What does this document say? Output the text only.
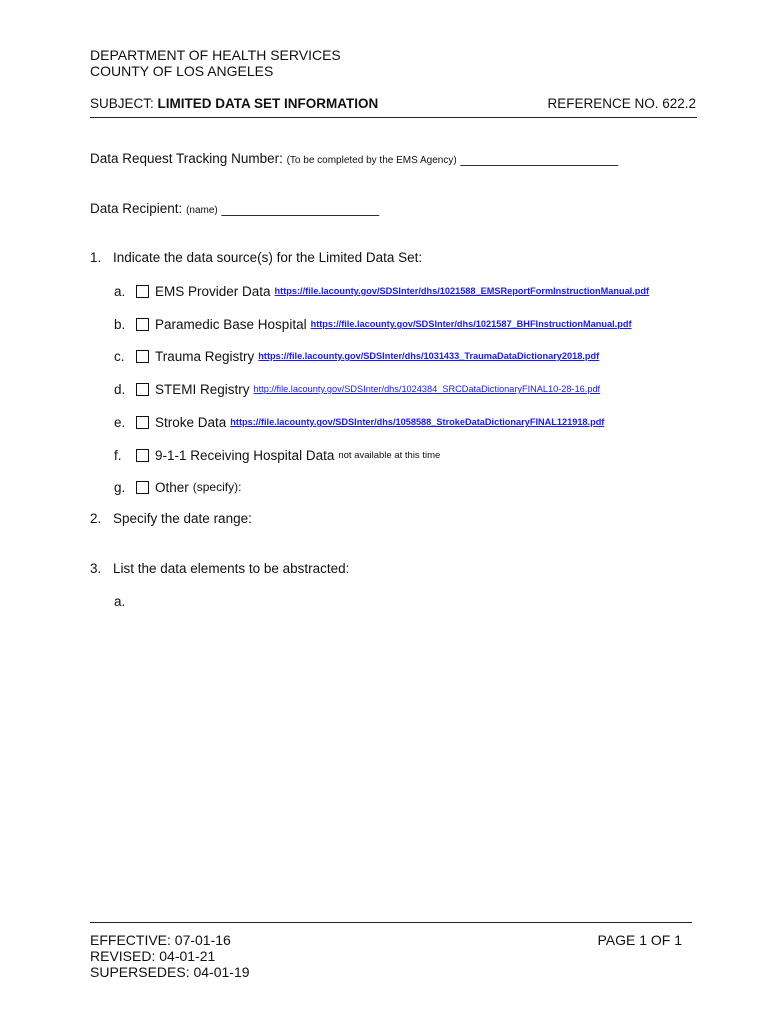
DEPARTMENT OF HEALTH SERVICES
COUNTY OF LOS ANGELES
SUBJECT: LIMITED DATA SET INFORMATION	REFERENCE NO. 622.2
Data Request Tracking Number: (To be completed by the EMS Agency) _____________________
Data Recipient: (name) _____________________
1. Indicate the data source(s) for the Limited Data Set:
a.	EMS Provider Data https://file.lacounty.gov/SDSInter/dhs/1021588_EMSReportFormInstructionManual.pdf
b.	Paramedic Base Hospital https://file.lacounty.gov/SDSInter/dhs/1021587_BHFInstructionManual.pdf
c.	Trauma Registry https://file.lacounty.gov/SDSInter/dhs/1031433_TraumaDataDictionary2018.pdf
d.	STEMI Registry http://file.lacounty.gov/SDSInter/dhs/1024384_SRCDataDictionaryFINAL10-28-16.pdf
e.	Stroke Data https://file.lacounty.gov/SDSInter/dhs/1058588_StrokeDataDictionaryFINAL121918.pdf
f.	9-1-1 Receiving Hospital Data not available at this time
g.	Other (specify):
2. Specify the date range:
3. List the data elements to be abstracted:
a.
EFFECTIVE: 07-01-16
REVISED: 04-01-21
SUPERSEDES: 04-01-19
PAGE 1 OF 1
